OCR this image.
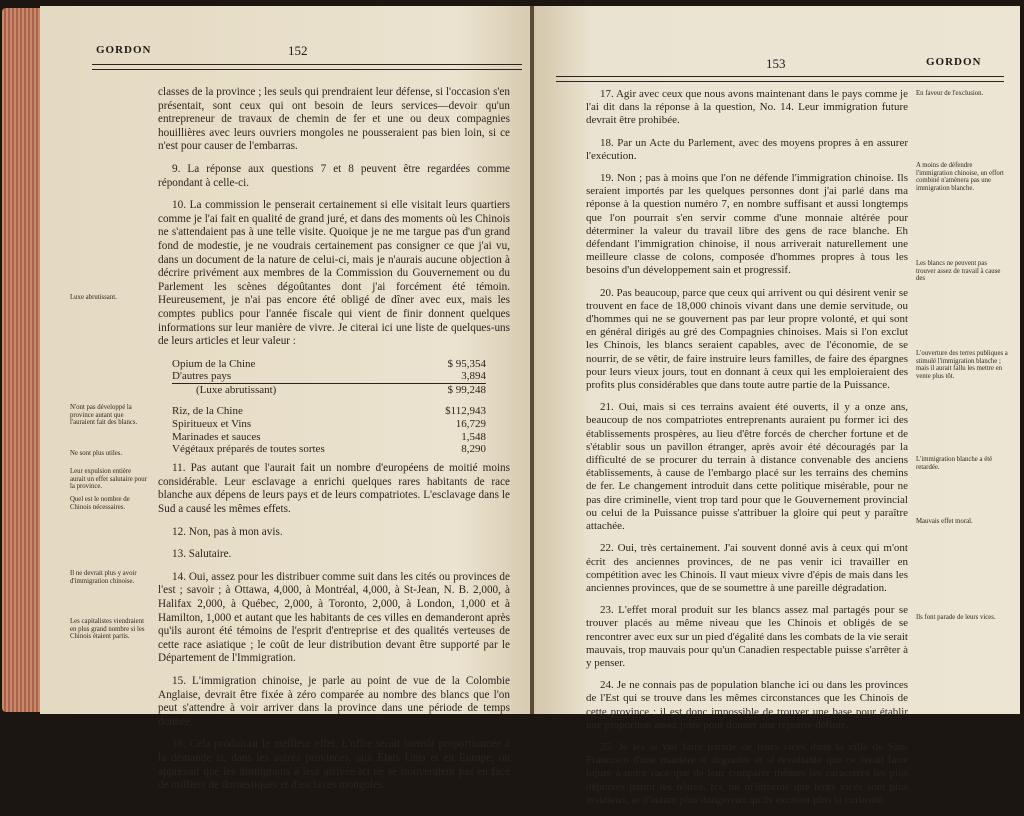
GORDON	152

classes de la province ; les seuls qui prendraient leur défense, si l'occasion s'en présentait, sont ceux qui ont besoin de leurs services—devoir qu'un entrepreneur de travaux de chemin de fer et une ou deux compagnies houillières avec leurs ouvriers mongoles ne pousseraient pas bien loin, si ce n'est pour causer de l'embarras.

9. La réponse aux questions 7 et 8 peuvent être regardées comme répondant à celle-ci.

10. La commission le penserait certainement si elle visitait leurs quartiers comme je l'ai fait en qualité de grand juré, et dans des moments où les Chinois ne s'attendaient pas à une telle visite. Quoique je ne me targue pas d'un grand fond de modestie, je ne voudrais certainement pas consigner ce que j'ai vu, dans un document de la nature de celui-ci, mais je n'aurais aucune objection à décrire privément aux membres de la Commission du Gouvernement ou du Parlement les scènes dégoûtantes dont j'ai forcément été témoin. Heureusement, je n'ai pas encore été obligé de dîner avec eux, mais les comptes publics pour l'année fiscale qui vient de finir donnent quelques informations sur leur manière de vivre. Je citerai ici une liste de quelques-uns de leurs articles et leur valeur :

Opium de la Chine	$ 95,354
D'autres pays	3,894
(Luxe abrutissant)	$ 99,248

Riz, de la Chine	$112,943
Spiritueux et Vins	16,729
Marinades et sauces	1,548
Végétaux préparés de toutes sortes	8,290

11. Pas autant que l'aurait fait un nombre d'européens de moitié moins considérable. Leur esclavage a enrichi quelques rares habitants de race blanche aux dépens de leurs pays et de leurs compatriotes. L'esclavage dans le Sud a causé les mêmes effets.

12. Non, pas à mon avis.

13. Salutaire.

14. Oui, assez pour les distribuer comme suit dans les cités ou provinces de l'est ; savoir ; à Ottawa, 4,000, à Montréal, 4,000, à St-Jean, N. B. 2,000, à Halifax 2,000, à Québec, 2,000, à Toronto, 2,000, à London, 1,000 et à Hamilton, 1,000 et autant que les habitants de ces villes en demanderont après qu'ils auront été témoins de l'esprit d'entreprise et des qualités verteuses de cette race asiatique ; le coût de leur distribution devant être supporté par le Département de l'Immigration.

15. L'immigration chinoise, je parle au point de vue de la Colombie Anglaise, devrait être fixée à zéro comparée au nombre des blancs que l'on peut s'attendre à voir arriver dans la province dans une période de temps donnée.

16. Cela produirait le meilleur effet. L'offre serait bientôt proportionnée à la demande si, dans les autres provinces, aux Etats Unis et en Europe, on apprenait que les immigrants à leur arrivée ici ne se trouveraient pas en face de milliers de domestiques et d'esclaves mongoles.

Luxe abrutissant.
N'ont pas développé la province autant que l'auraient fait des blancs.
Ne sont plus utiles.
Leur expulsion entière aurait un effet salutaire pour la province.
Quel est le nombre de Chinois nécessaires.
Il ne devrait plus y avoir d'immigration chinoise.
Les capitalistes viendraient en plus grand nombre si les Chinois étaient partis.
153	GORDON

17. Agir avec ceux que nous avons maintenant dans le pays comme je l'ai dit dans la réponse à la question, No. 14. Leur immigration future devrait être prohibée.

18. Par un Acte du Parlement, avec des moyens propres à en assurer l'exécution.

19. Non ; pas à moins que l'on ne défende l'immigration chinoise. Ils seraient importés par les quelques personnes dont j'ai parlé dans ma réponse à la question numéro 7, en nombre suffisant et aussi longtemps que l'on pourrait s'en servir comme d'une monnaie altérée pour déterminer la valeur du travail libre des gens de race blanche. Eh défendant l'immigration chinoise, il nous arriverait naturellement une meilleure classe de colons, composée d'hommes propres à tous les besoins d'un développement sain et progressif.

20. Pas beaucoup, parce que ceux qui arrivent ou qui désirent venir se trouvent en face de 18,000 chinois vivant dans une demie servitude, ou d'hommes qui ne se gouvernent pas par leur propre volonté, et qui sont en général dirigés au gré des Compagnies chinoises. Mais si l'on exclut les Chinois, les blancs seraient capables, avec de l'économie, de se nourrir, de se vêtir, de faire instruire leurs familles, de faire des épargnes pour leurs vieux jours, tout en donnant à ceux qui les emploieraient des profits plus considérables que dans toute autre partie de la Puissance.

21. Oui, mais si ces terrains avaient été ouverts, il y a onze ans, beaucoup de nos compatriotes entreprenants auraient pu former ici des établissements prospères, au lieu d'être forcés de chercher fortune et de s'établir sous un pavillon étranger, après avoir été découragés par la difficulté de se procurer du terrain à distance convenable des anciens établissements, à cause de l'embargo placé sur les terrains des chemins de fer. Le changement introduit dans cette politique misérable, pour ne pas dire criminelle, vient trop tard pour que le Gouvernement provincial ou celui de la Puissance puisse s'attribuer la gloire qui peut y paraître attachée.

22. Oui, très certainement. J'ai souvent donné avis à ceux qui m'ont écrit des anciennes provinces, de ne pas venir ici travailler en compétition avec les Chinois. Il vaut mieux vivre d'épis de mais dans les anciennes provinces, que de se soumettre à une pareille dégradation.

23. L'effet moral produit sur les blancs assez mal partagés pour se trouver placés au même niveau que les Chinois et obligés de se rencontrer avec eux sur un pied d'égalité dans les combats de la vie serait mauvais, trop mauvais pour qu'un Canadien respectable puisse s'arrêter à y penser.

24. Je ne connais pas de population blanche ici ou dans les provinces de l'Est qui se trouve dans les mêmes circonstances que les Chinois de cette province ; il est donc impossible de trouver une base pour établir une proportion assez juste pour donner une réponse définie.

25. Je les ai vus faire parade de leurs vices dans la ville de San-Francisco d'une manière si dégradée et si révoltante que ce serait faire injure à notre race que de leur comparer mêmes les caractères les plus dépravés parmi les nôtres. Ici, on m'informe que leurs vices sont plus insidieux, et d'autant plus dangereux qu'ils excitent plus la curiosité.

En faveur de l'exclusion.
A moins de défendre l'immigration chinoise, un effort combiné n'amènera pas une immigration blanche.
Les blancs ne peuvent pas trouver assez de travail à cause des
L'ouverture des terres publiques a stimulé l'immigration blanche ; mais il aurait fallu les mettre en vente plus tôt.
L'immigration blanche a été retardée.
Mauvais effet moral.
Ils font parade de leurs vices.
